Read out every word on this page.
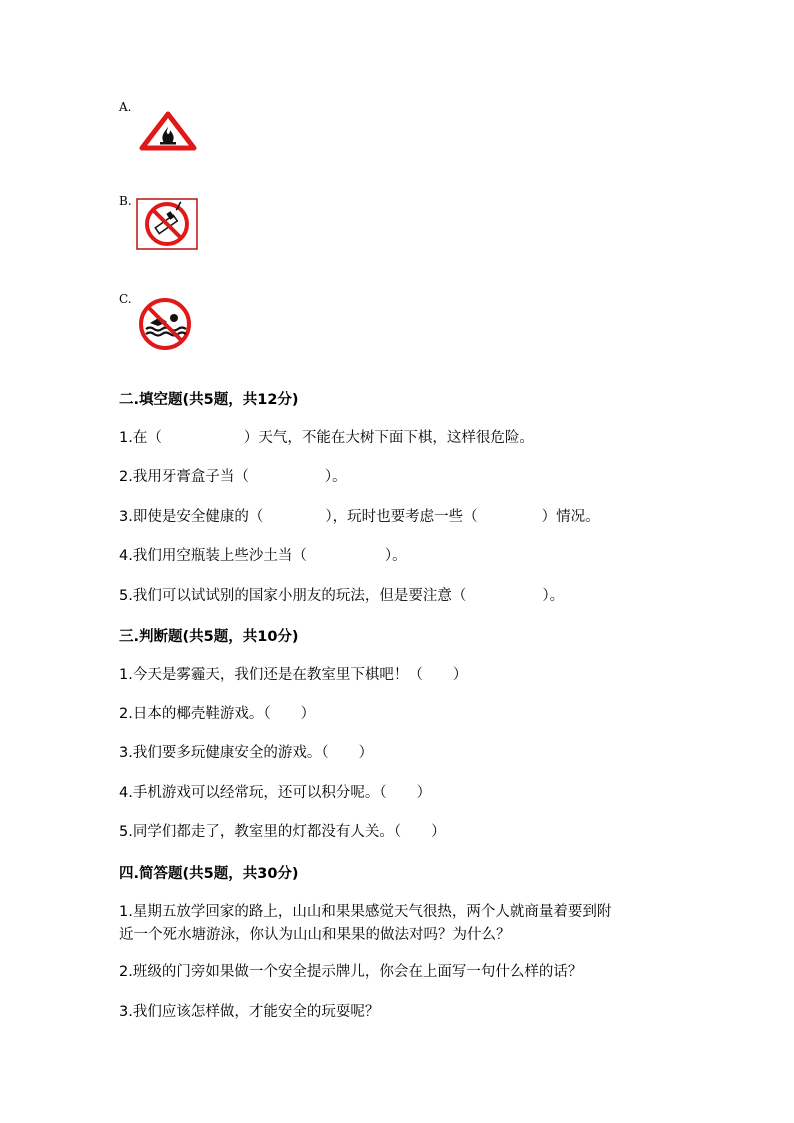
A.
B.
C.
二.填空题(共5题，共12分)
1.在（	）天气，不能在大树下面下棋，这样很危险。
2.我用牙膏盒子当（	）。
3.即使是安全健康的（	），玩时也要考虑一些（	）情况。
4.我们用空瓶装上些沙土当（	）。
5.我们可以试试别的国家小朋友的玩法，但是要注意（	）。
三.判断题(共5题，共10分)
1.今天是雾霾天，我们还是在教室里下棋吧！（ ）
2.日本的椰壳鞋游戏。（ ）
3.我们要多玩健康安全的游戏。（ ）
4.手机游戏可以经常玩，还可以积分呢。（ ）
5.同学们都走了，教室里的灯都没有人关。（ ）
四.简答题(共5题，共30分)
1.星期五放学回家的路上，山山和果果感觉天气很热，两个人就商量着要到附
近一个死水塘游泳，你认为山山和果果的做法对吗？为什么？
2.班级的门旁如果做一个安全提示牌儿，你会在上面写一句什么样的话？
3.我们应该怎样做，才能安全的玩耍呢？
